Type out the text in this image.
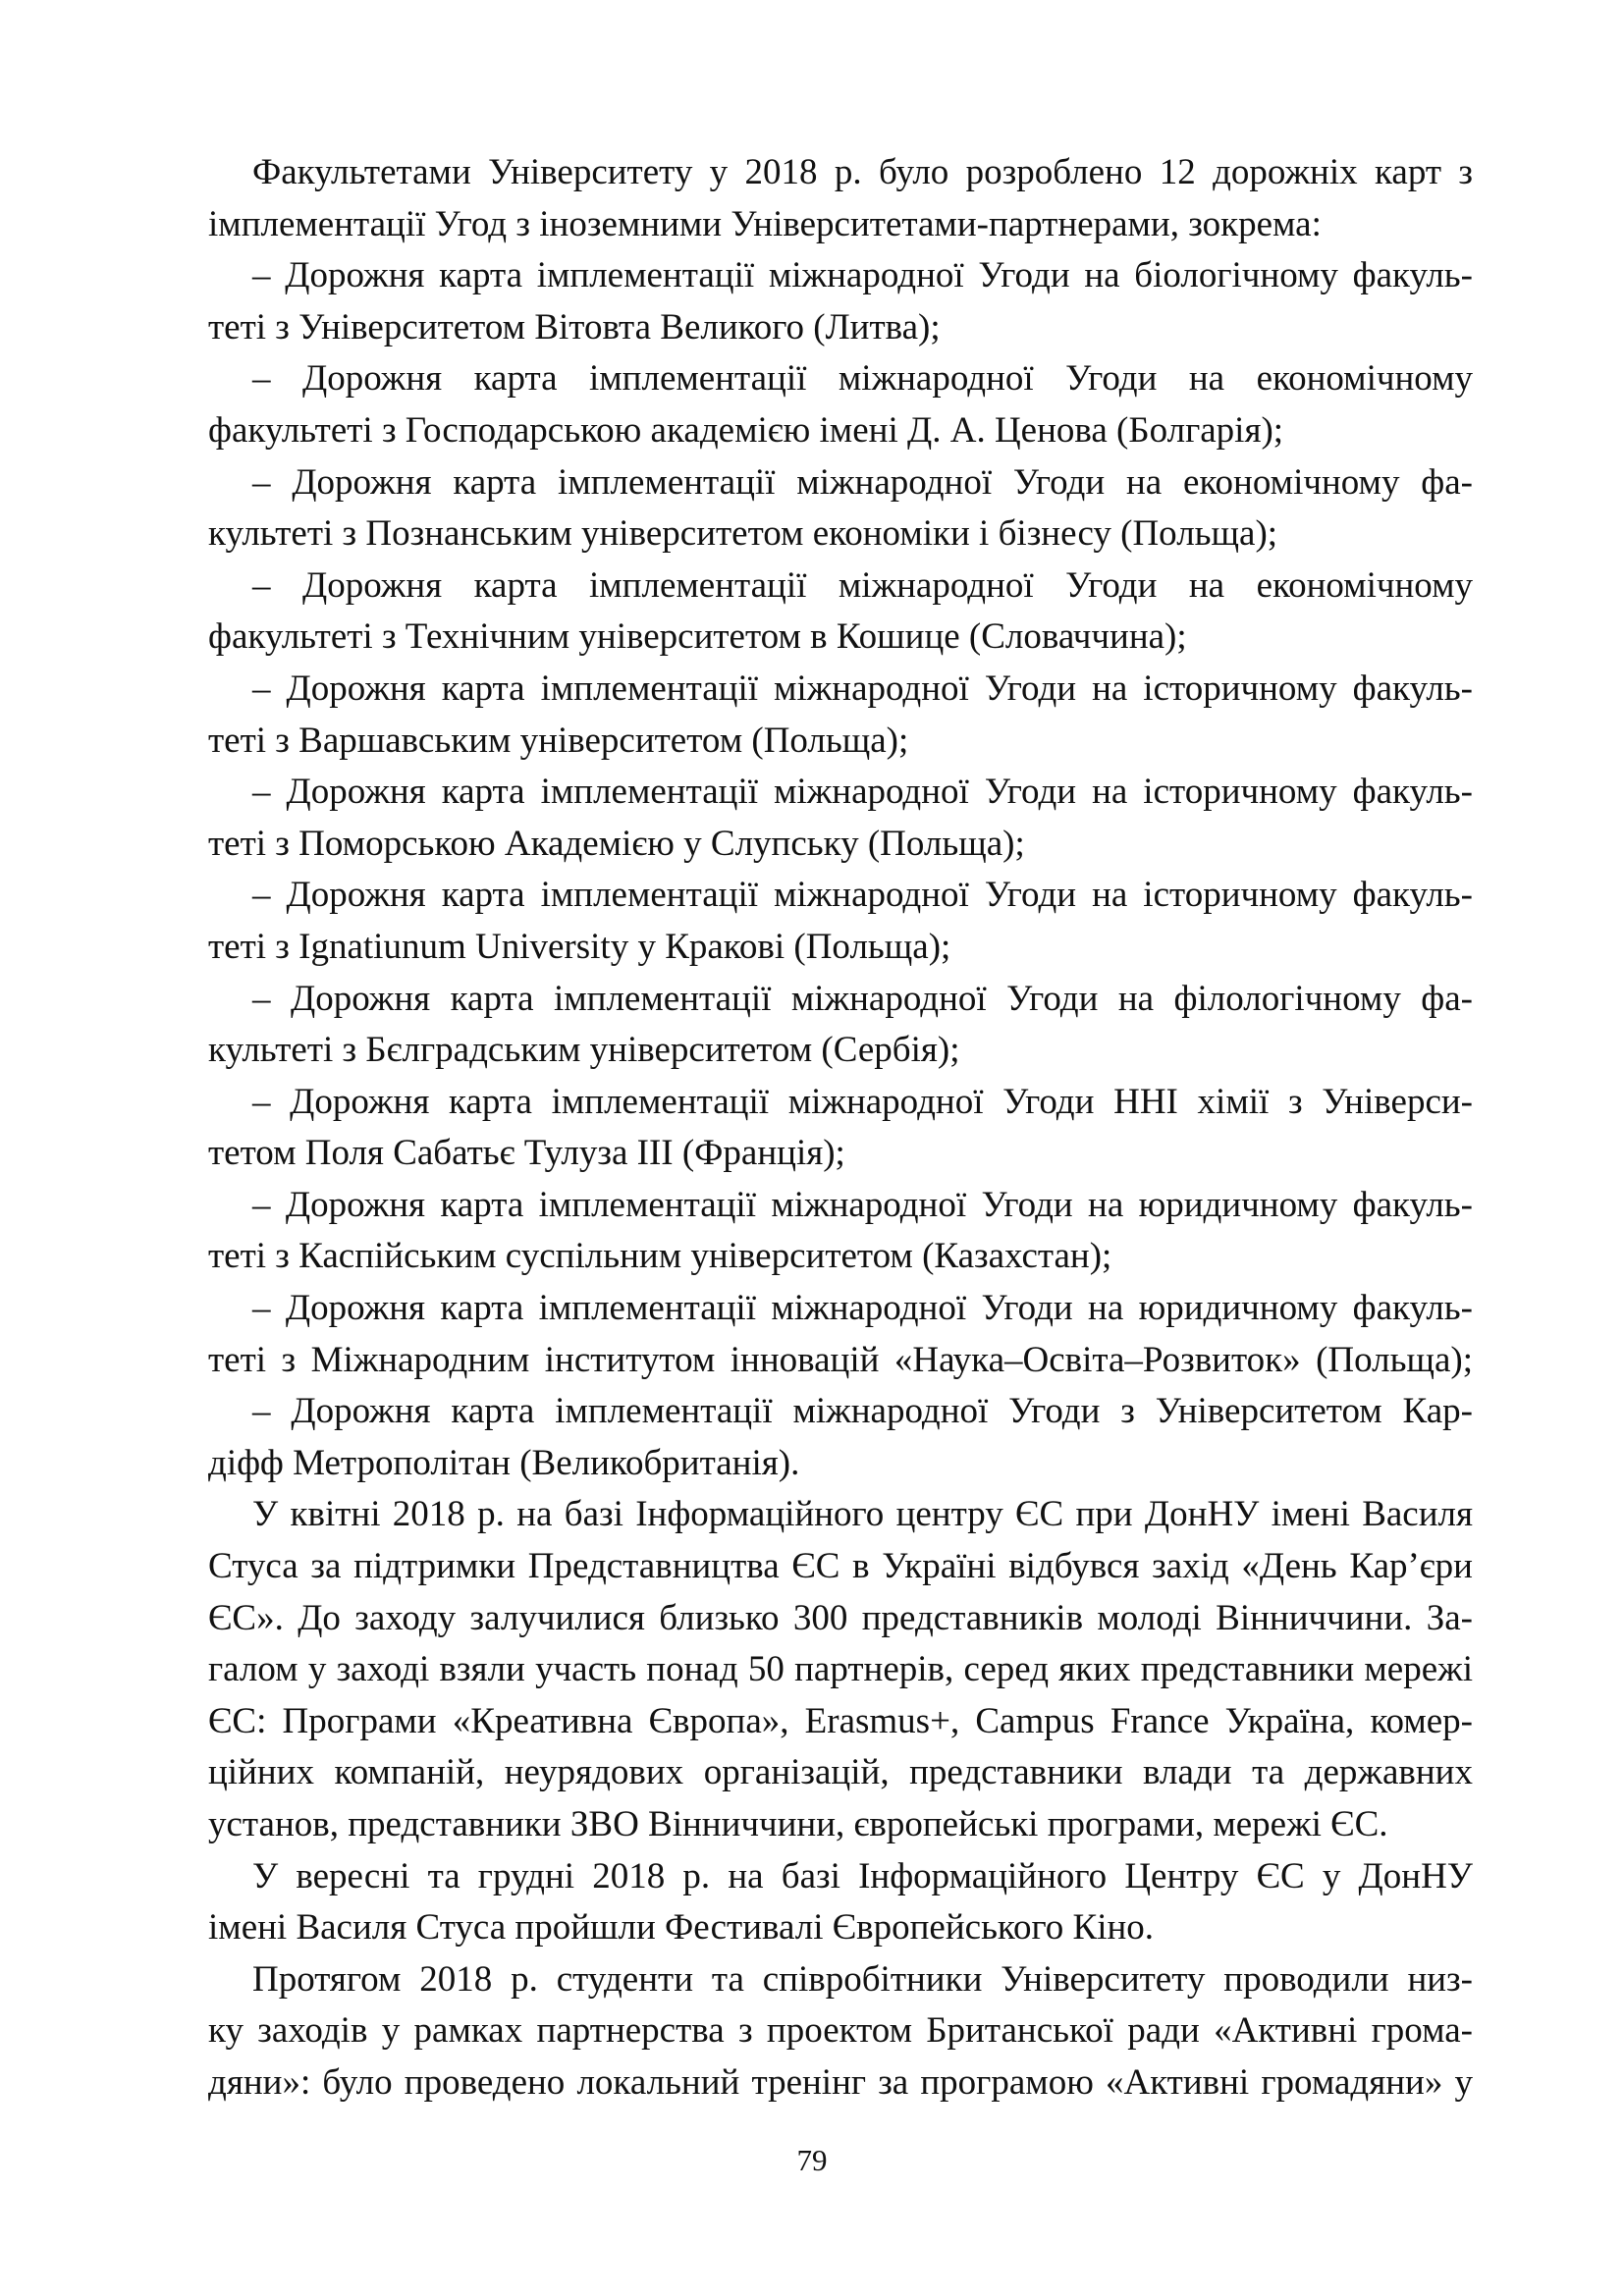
Факультетами Університету у 2018 р. було розроблено 12 дорожніх карт з
імплементації Угод з іноземними Університетами-партнерами, зокрема:
– Дорожня карта імплементації міжнародної Угоди на біологічному факуль-
теті з Університетом Вітовта Великого (Литва);
– Дорожня карта імплементації міжнародної Угоди на економічному
факультеті з Господарською академією імені Д. А. Ценова (Болгарія);
– Дорожня карта імплементації міжнародної Угоди на економічному фа-
культеті з Познанським університетом економіки і бізнесу (Польща);
– Дорожня карта імплементації міжнародної Угоди на економічному
факультеті з Технічним університетом в Кошице (Словаччина);
– Дорожня карта імплементації міжнародної Угоди на історичному факуль-
теті з Варшавським університетом (Польща);
– Дорожня карта імплементації міжнародної Угоди на історичному факуль-
теті з Поморською Академією у Слупську (Польща);
– Дорожня карта імплементації міжнародної Угоди на історичному факуль-
теті з Ignatiunum University у Кракові (Польща);
– Дорожня карта імплементації міжнародної Угоди на філологічному фа-
культеті з Бєлградським університетом (Сербія);
– Дорожня карта імплементації міжнародної Угоди ННІ хімії з Універси-
тетом Поля Сабатьє Тулуза III (Франція);
– Дорожня карта імплементації міжнародної Угоди на юридичному факуль-
теті з Каспійським суспільним університетом (Казахстан);
– Дорожня карта імплементації міжнародної Угоди на юридичному факуль-
теті з Міжнародним інститутом інновацій «Наука–Освіта–Розвиток» (Польща);
– Дорожня карта імплементації міжнародної Угоди з Університетом Кар-
діфф Метрополітан (Великобританія).
У квітні 2018 р. на базі Інформаційного центру ЄС при ДонНУ імені Василя
Стуса за підтримки Представництва ЄС в Україні відбувся захід «День Кар’єри
ЄС». До заходу залучилися близько 300 представників молоді Вінниччини. За-
галом у заході взяли участь понад 50 партнерів, серед яких представники мережі
ЄС: Програми «Креативна Європа», Erasmus+, Campus France Україна, комер-
ційних компаній, неурядових організацій, представники влади та державних
установ, представники ЗВО Вінниччини, європейські програми, мережі ЄС.
У вересні та грудні 2018 р. на базі Інформаційного Центру ЄС у ДонНУ
імені Василя Стуса пройшли Фестивалі Європейського Кіно.
Протягом 2018 р. студенти та співробітники Університету проводили низ-
ку заходів у рамках партнерства з проектом Британської ради «Активні грома-
дяни»: було проведено локальний тренінг за програмою «Активні громадяни» у
79
